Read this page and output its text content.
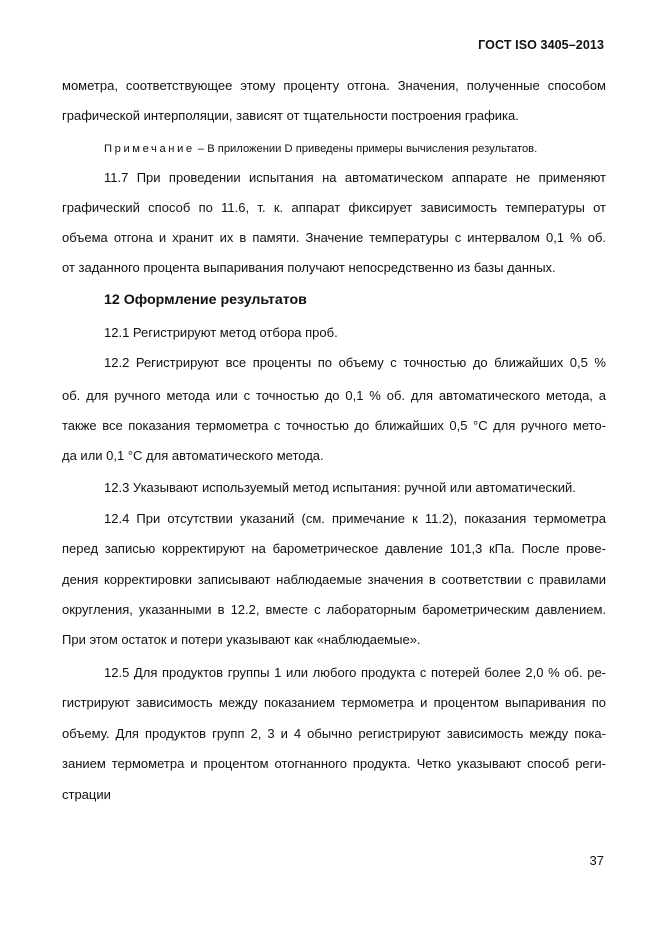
ГОСТ ISO 3405–2013
мометра, соответствующее этому проценту отгона. Значения, полученные способом
графической интерполяции, зависят от тщательности построения графика.
Примечание – В приложении D приведены примеры вычисления результатов.
11.7 При проведении испытания на автоматическом аппарате не применяют
графический способ по 11.6, т. к. аппарат фиксирует зависимость температуры от
объема отгона и хранит их в памяти. Значение температуры с интервалом 0,1 % об.
от заданного процента выпаривания получают непосредственно из базы данных.
12 Оформление результатов
12.1 Регистрируют метод отбора проб.
12.2 Регистрируют все проценты по объему с точностью до ближайших 0,5 %
об. для ручного метода или с точностью до 0,1 % об. для автоматического метода, а
также все показания термометра с точностью до ближайших 0,5 °C для ручного мето-
да или 0,1 °C для автоматического метода.
12.3 Указывают используемый метод испытания: ручной или автоматический.
12.4 При отсутствии указаний (см. примечание к 11.2), показания термометра
перед записью корректируют на барометрическое давление 101,3 кПа. После прове-
дения корректировки записывают наблюдаемые значения в соответствии с правилами
округления, указанными в 12.2, вместе с лабораторным барометрическим давлением.
При этом остаток и потери указывают как «наблюдаемые».
12.5 Для продуктов группы 1 или любого продукта с потерей более 2,0 % об. ре-
гистрируют зависимость между показанием термометра и процентом выпаривания по
объему. Для продуктов групп 2, 3 и 4 обычно регистрируют зависимость между пока-
занием термометра и процентом отогнанного продукта. Четко указывают способ реги-
страции
37
